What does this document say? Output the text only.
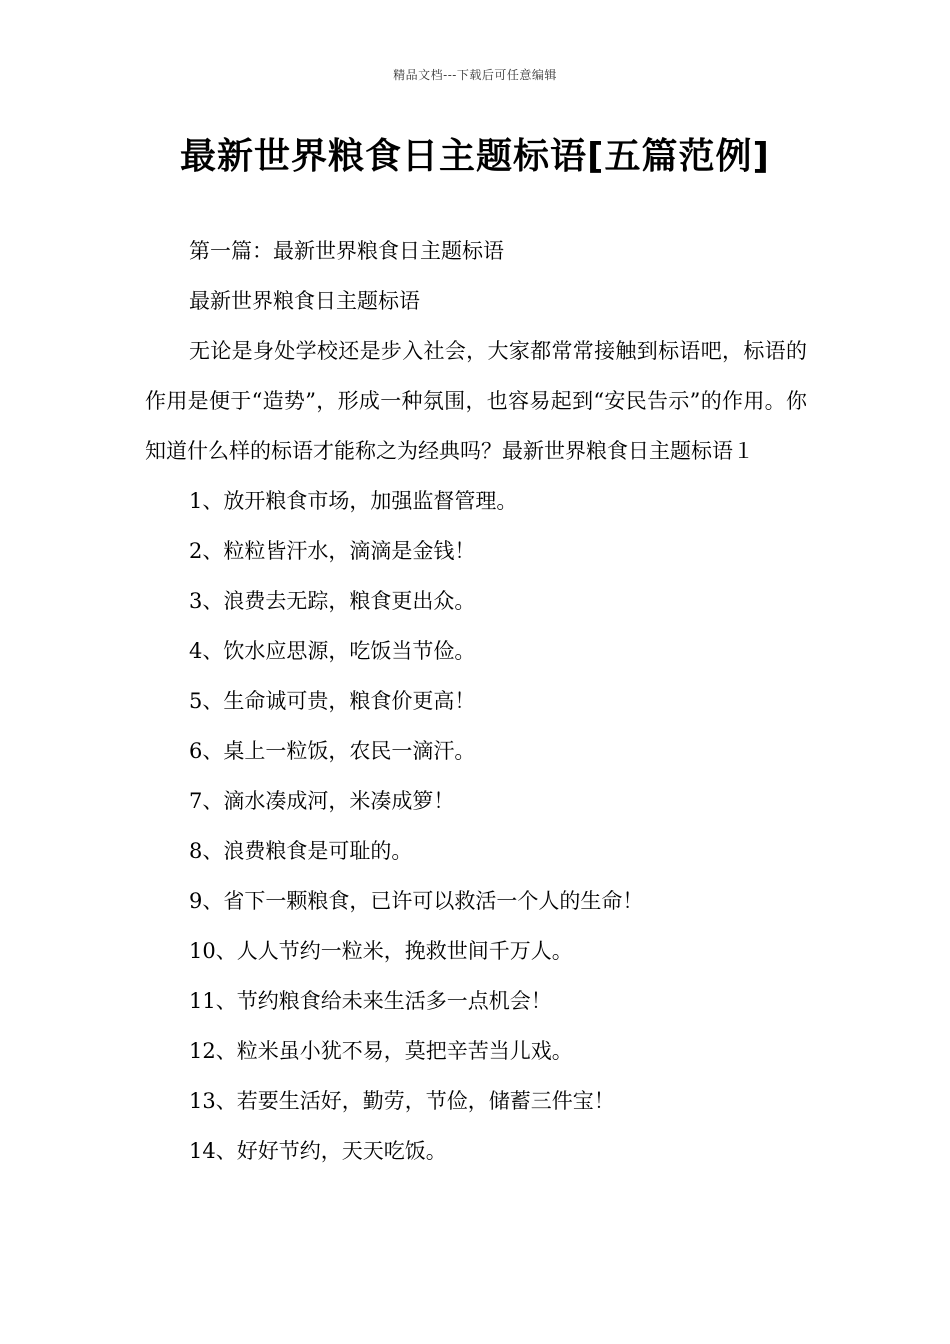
精品文档---下载后可任意编辑
最新世界粮食日主题标语[五篇范例]

第一篇：最新世界粮食日主题标语

最新世界粮食日主题标语

无论是身处学校还是步入社会，大家都常常接触到标语吧，标语的作用是便于“造势”，形成一种氛围，也容易起到“安民告示”的作用。你知道什么样的标语才能称之为经典吗？最新世界粮食日主题标语１

1、放开粮食市场，加强监督管理。

2、粒粒皆汗水，滴滴是金钱！

3、浪费去无踪，粮食更出众。

4、饮水应思源，吃饭当节俭。

5、生命诚可贵，粮食价更高！

6、桌上一粒饭，农民一滴汗。

7、滴水凑成河，米凑成箩！

8、浪费粮食是可耻的。

9、省下一颗粮食，已许可以救活一个人的生命！

10、人人节约一粒米，挽救世间千万人。

11、节约粮食给未来生活多一点机会！

12、粒米虽小犹不易，莫把辛苦当儿戏。

13、若要生活好，勤劳，节俭，储蓄三件宝！

14、好好节约，天天吃饭。
